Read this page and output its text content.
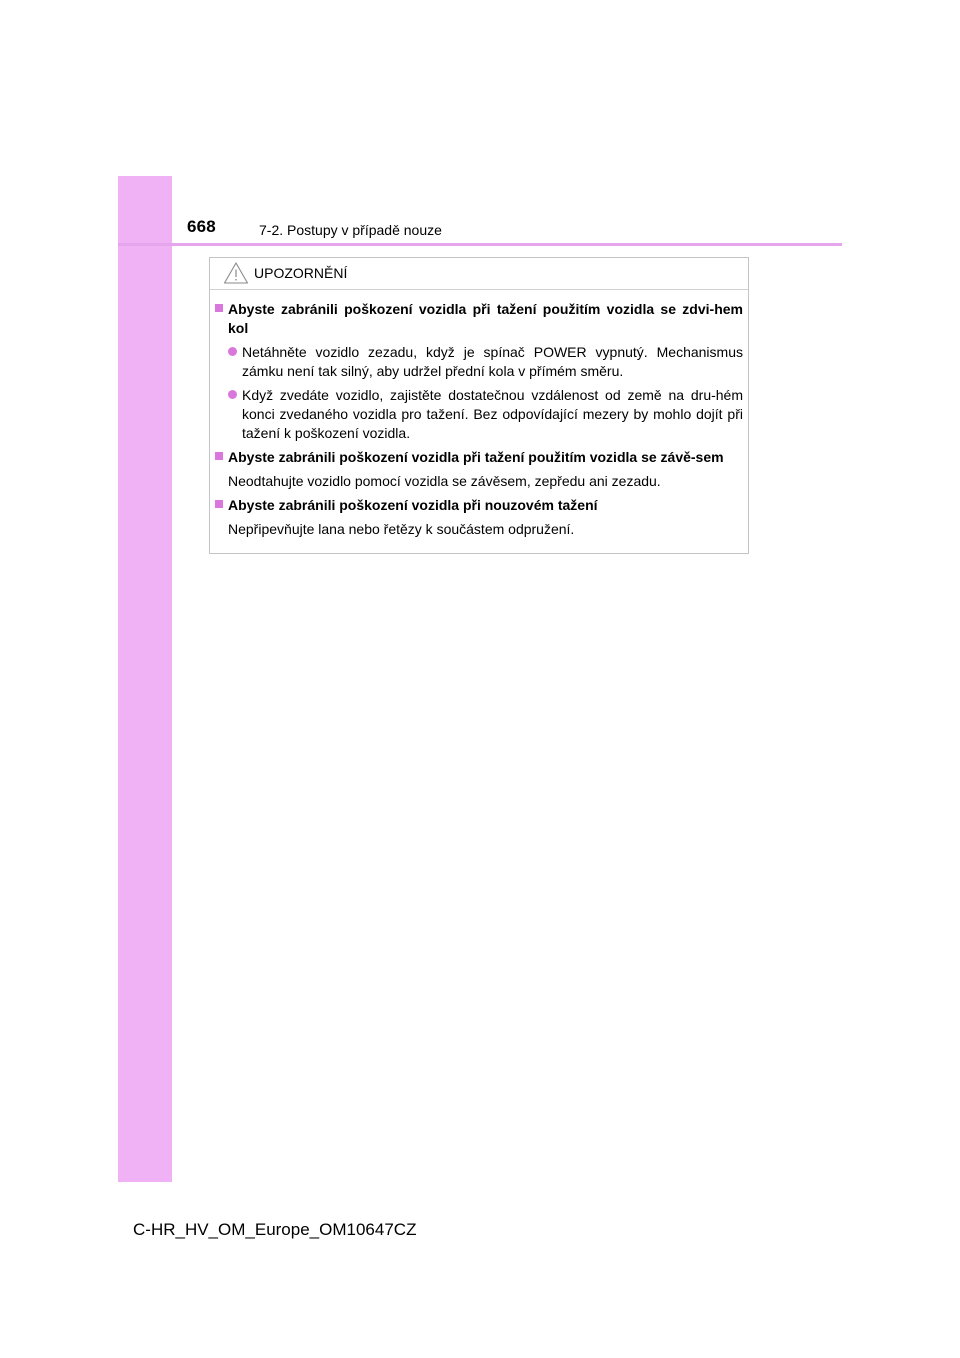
668	7-2. Postupy v případě nouze
UPOZORNĚNÍ
Abyste zabránili poškození vozidla při tažení použitím vozidla se zdvi-hem kol
Netáhněte vozidlo zezadu, když je spínač POWER vypnutý. Mechanismus zámku není tak silný, aby udržel přední kola v přímém směru.
Když zvedáte vozidlo, zajistěte dostatečnou vzdálenost od země na dru-hém konci zvedaného vozidla pro tažení. Bez odpovídající mezery by mohlo dojít při tažení k poškození vozidla.
Abyste zabránili poškození vozidla při tažení použitím vozidla se závě-sem
Neodtahujte vozidlo pomocí vozidla se závěsem, zepředu ani zezadu.
Abyste zabránili poškození vozidla při nouzovém tažení
Nepřipevňujte lana nebo řetězy k součástem odpružení.
C-HR_HV_OM_Europe_OM10647CZ
